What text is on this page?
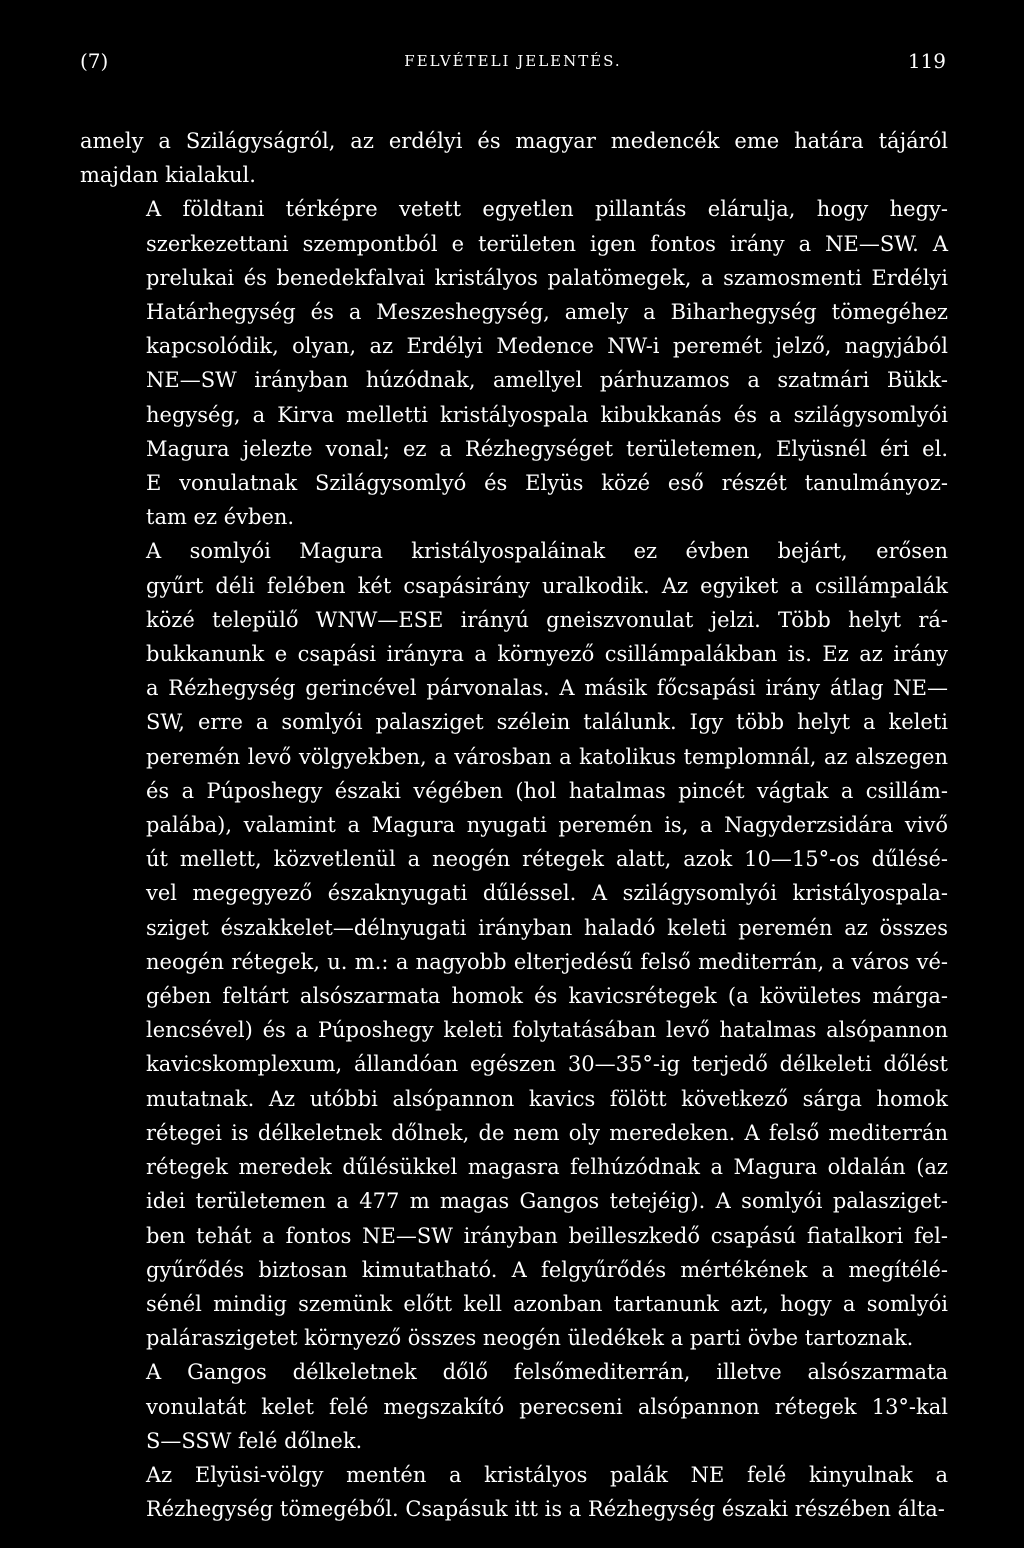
(7)	FELVÉTELI JELENTÉS.	119

amely a Szilágyságról, az erdélyi és magyar medencék eme határa tájáról
majdan kialakul.

A földtani térképre vetett egyetlen pillantás elárulja, hogy hegy-
szerkezettani szempontból e területen igen fontos irány a NE—SW. A
prelukai és benedekfalvai kristályos palatömegek, a szamosmenti Erdélyi
Határhegység és a Meszeshegység, amely a Biharhegység tömegéhez
kapcsolódik, olyan, az Erdélyi Medence NW-i peremét jelző, nagyjából
NE—SW irányban húzódnak, amellyel párhuzamos a szatmári Bükk-
hegység, a Kirva melletti kristályospala kibukkanás és a szilágysomlyói
Magura jelezte vonal; ez a Rézhegységet területemen, Elyüsnél éri el.
E vonulatnak Szilágysomlyó és Elyüs közé eső részét tanulmányoz-
tam ez évben.

A somlyói Magura kristályospaláinak ez évben bejárt, erősen
gyűrt déli felében két csapásirány uralkodik. Az egyiket a csillámpalák
közé települő WNW—ESE irányú gneiszvonulat jelzi. Több helyt rá-
bukkanunk e csapási irányra a környező csillámpalákban is. Ez az irány
a Rézhegység gerincével párvonalas. A másik főcsapási irány átlag NE—
SW, erre a somlyói palasziget szélein találunk. Igy több helyt a keleti
peremén levő völgyekben, a városban a katolikus templomnál, az alszegen
és a Púposhegy északi végében (hol hatalmas pincét vágtak a csillám-
palába), valamint a Magura nyugati peremén is, a Nagyderzsidára vivő
út mellett, közvetlenül a neogén rétegek alatt, azok 10—15°-os dűlésé-
vel megegyező északnyugati dűléssel. A szilágysomlyói kristályospala-
sziget északkelet—délnyugati irányban haladó keleti peremén az összes
neogén rétegek, u. m.: a nagyobb elterjedésű felső mediterrán, a város vé-
gében feltárt alsószarmata homok és kavicsrétegek (a kövületes márga-
lencsével) és a Púposhegy keleti folytatásában levő hatalmas alsópannon
kavicskomplexum, állandóan egészen 30—35°-ig terjedő délkeleti dőlést
mutatnak. Az utóbbi alsópannon kavics fölött következő sárga homok
rétegei is délkeletnek dőlnek, de nem oly meredeken. A felső mediterrán
rétegek meredek dűlésükkel magasra felhúzódnak a Magura oldalán (az
idei területemen a 477 m magas Gangos tetejéig). A somlyói palasziget-
ben tehát a fontos NE—SW irányban beilleszkedő csapású fiatalkori fel-
gyűrődés biztosan kimutatható. A felgyűrődés mértékének a megítélé-
sénél mindig szemünk előtt kell azonban tartanunk azt, hogy a somlyói
paláraszigetet környező összes neogén üledékek a parti övbe tartoznak.

A Gangos délkeletnek dőlő felsőmediterrán, illetve alsószarmata
vonulatát kelet felé megszakító perecseni alsópannon rétegek 13°-kal
S—SSW felé dőlnek.

Az Elyüsi-völgy mentén a kristályos palák NE felé kinyulnak a
Rézhegység tömegéből. Csapásuk itt is a Rézhegység északi részében álta-
